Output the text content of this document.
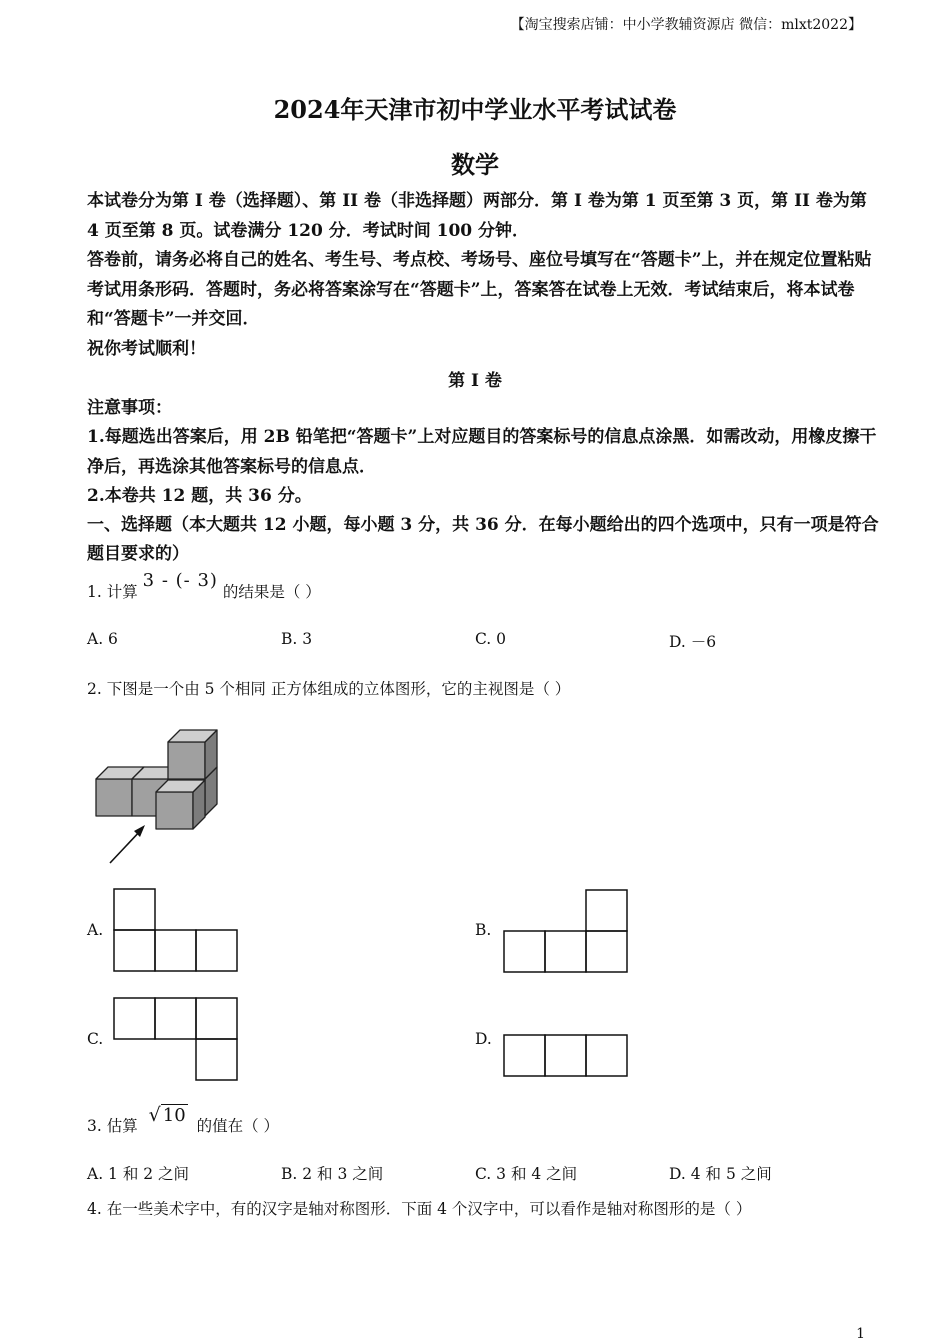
【淘宝搜索店铺：中小学教辅资源店 微信：mlxt2022】
2024年天津市初中学业水平考试试卷
数学

本试卷分为第 I 卷（选择题）、第 II 卷（非选择题）两部分．第 I 卷为第 1 页至第 3 页，第 II 卷为第 4 页至第 8 页。试卷满分 120 分．考试时间 100 分钟．

答卷前，请务必将自己的姓名、考生号、考点校、考场号、座位号填写在“答题卡”上，并在规定位置粘贴考试用条形码．答题时，务必将答案涂写在“答题卡”上，答案答在试卷上无效．考试结束后，将本试卷和“答题卡”一并交回．

祝你考试顺利！

第 I 卷

注意事项：

1.每题选出答案后，用 2B 铅笔把“答题卡”上对应题目的答案标号的信息点涂黑．如需改动，用橡皮擦干净后，再选涂其他答案标号的信息点．

2.本卷共 12 题，共 36 分。

一、选择题（本大题共 12 小题，每小题 3 分，共 36 分．在每小题给出的四个选项中，只有一项是符合题目要求的）

1. 计算 3 - (- 3) 的结果是（ ）
A. 6	B. 3	C. 0	D. －6
2. 下图是一个由 5 个相同 正方体组成的立体图形，它的主视图是（ ）
A.	B.
C.	D.
3. 估算 √ 10 的值在（ ）
A. 1 和 2 之间	B. 2 和 3 之间	C. 3 和 4 之间	D. 4 和 5 之间
4. 在一些美术字中，有的汉字是轴对称图形．下面 4 个汉字中，可以看作是轴对称图形的是（ ）
1
